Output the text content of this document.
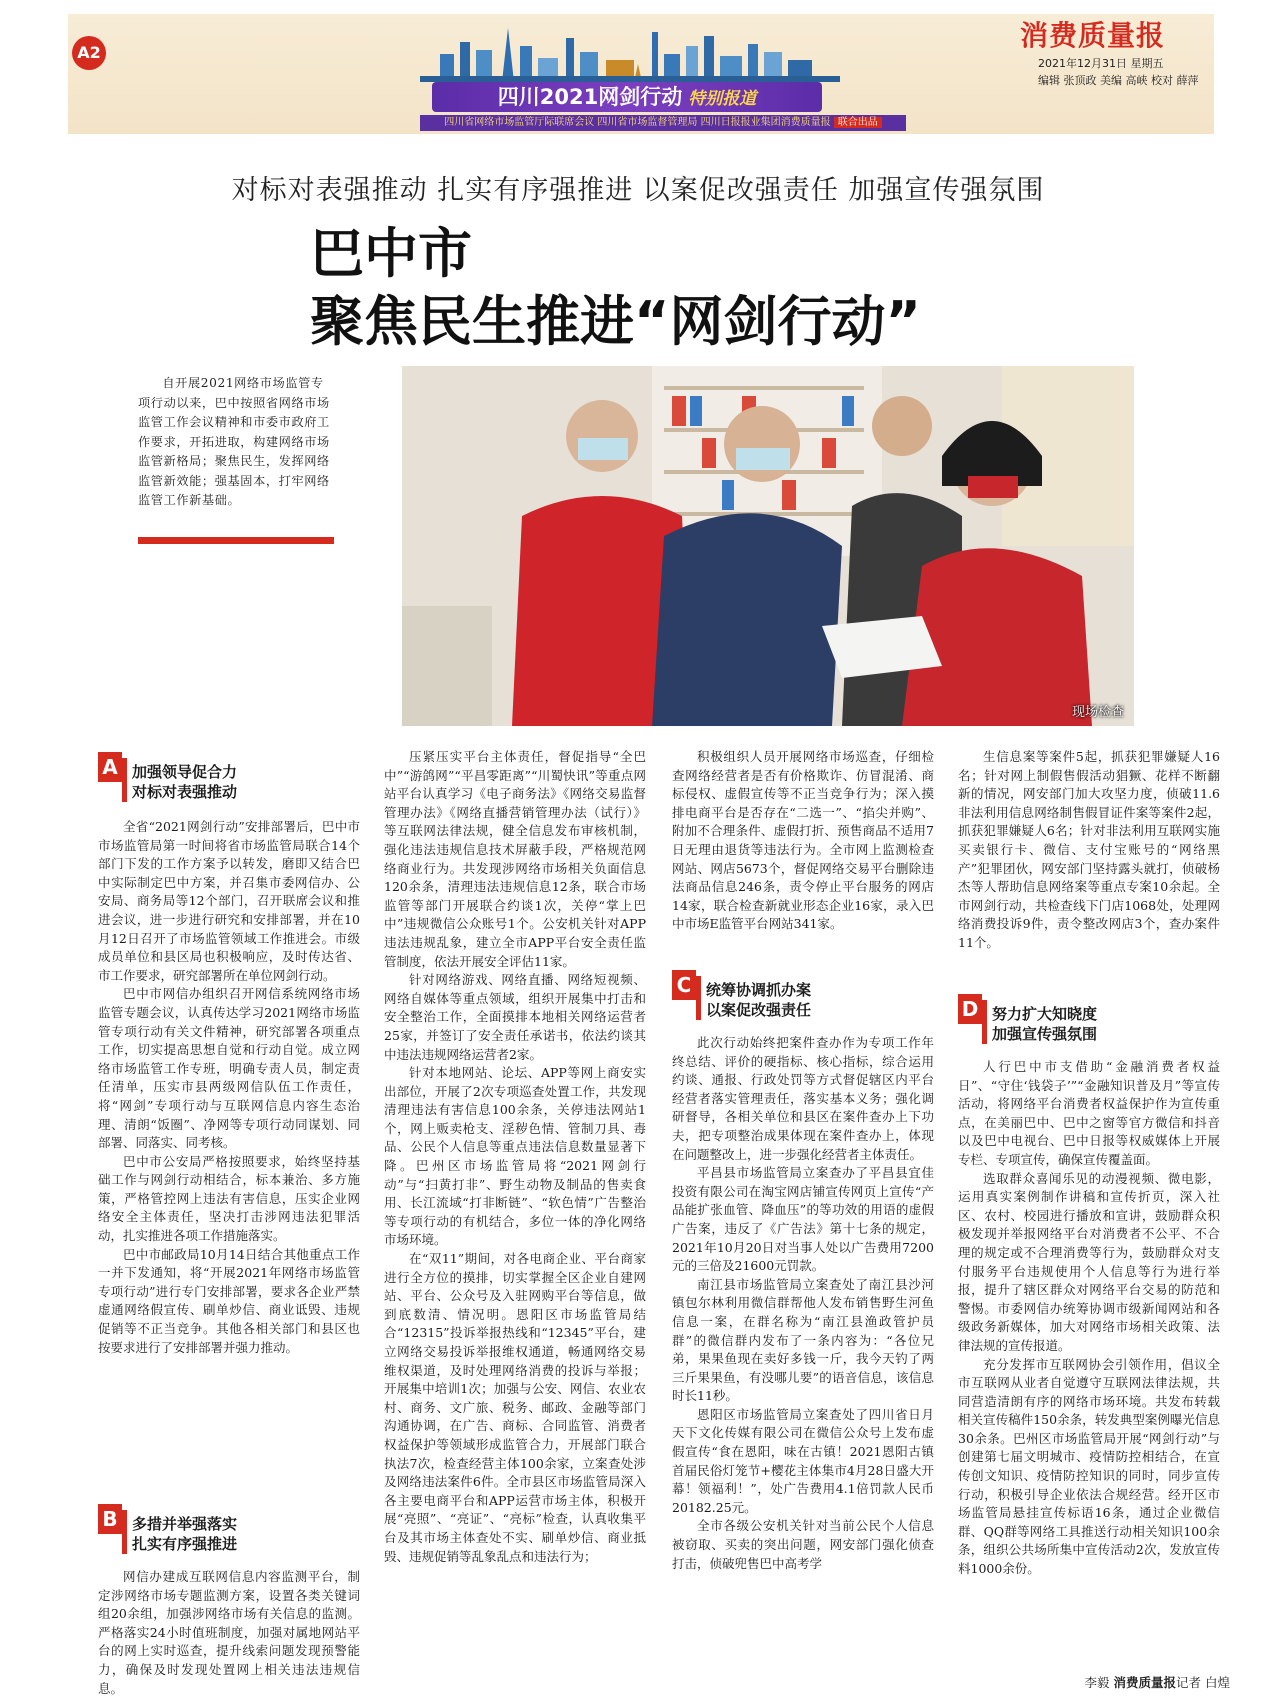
A2
四川2021网剑行动 特别报道
四川省网络市场监管厅际联席会议 四川省市场监督管理局 四川日报报业集团消费质量报 联合出品
消费质量报
2021年12月31日 星期五
编辑 张顶政 美编 高峡 校对 薛萍
对标对表强推动 扎实有序强推进 以案促改强责任 加强宣传强氛围
巴中市
聚焦民生推进“网剑行动”
自开展2021网络市场监管专项行动以来，巴中按照省网络市场监管工作会议精神和市委市政府工作要求，开拓进取，构建网络市场监管新格局；聚焦民生，发挥网络监管新效能；强基固本，打牢网络监管工作新基础。
现场检查
A 加强领导促合力
对标对表强推动

全省“2021网剑行动”安排部署后，巴中市市场监管局第一时间将省市场监管局联合14个部门下发的工作方案予以转发，磨即又结合巴中实际制定巴中方案，并召集市委网信办、公安局、商务局等12个部门，召开联席会议和推进会议，进一步进行研究和安排部署，并在10月12日召开了市场监管领域工作推进会。市级成员单位和县区局也积极响应，及时传达省、市工作要求，研究部署所在单位网剑行动。

巴中市网信办组织召开网信系统网络市场监管专题会议，认真传达学习2021网络市场监管专项行动有关文件精神，研究部署各项重点工作，切实提高思想自觉和行动自觉。成立网络市场监管工作专班，明确专责人员，制定责任清单，压实市县两级网信队伍工作责任，将“网剑”专项行动与互联网信息内容生态治理、清朗“饭圈”、净网等专项行动同谋划、同部署、同落实、同考核。

巴中市公安局严格按照要求，始终坚持基础工作与网剑行动相结合，标本兼治、多方施策，严格管控网上违法有害信息，压实企业网络安全主体责任，坚决打击涉网违法犯罪活动，扎实推进各项工作措施落实。

巴中市邮政局10月14日结合其他重点工作一并下发通知，将“开展2021年网络市场监管专项行动”进行专门安排部署，要求各企业严禁虚通网络假宣传、刷单炒信、商业诋毁、违规促销等不正当竞争。其他各相关部门和县区也按要求进行了安排部署并强力推动。

B 多措并举强落实
扎实有序强推进

网信办建成互联网信息内容监测平台，制定涉网络市场专题监测方案，设置各类关键词组20余组，加强涉网络市场有关信息的监测。严格落实24小时值班制度，加强对属地网站平台的网上实时巡查，提升线索问题发现预警能力，确保及时发现处置网上相关违法违规信息。

压紧压实平台主体责任，督促指导“全巴中”“游鸽网”“平昌零距离”“川蜀快讯”等重点网站平台认真学习《电子商务法》《网络交易监督管理办法》《网络直播营销管理办法（试行）》等互联网法律法规，健全信息发布审核机制，强化违法违规信息技术屏蔽手段，严格规范网络商业行为。共发现涉网络市场相关负面信息120余条，清理违法违规信息12条，联合市场监管等部门开展联合约谈1次，关停“掌上巴中”违规微信公众账号1个。公安机关针对APP违法违规乱象，建立全市APP平台安全责任监管制度，依法开展安全评估11家。

针对网络游戏、网络直播、网络短视频、网络自媒体等重点领域，组织开展集中打击和安全整治工作，全面摸排本地相关网络运营者25家，并签订了安全责任承诺书，依法约谈其中违法违规网络运营者2家。

针对本地网站、论坛、APP等网上商安实出部位，开展了2次专项巡查处置工作，共发现清理违法有害信息100余条，关停违法网站1个，网上贩卖枪支、淫秽色情、管制刀具、毒品、公民个人信息等重点违法信息数量显著下降。巴州区市场监管局将“2021网剑行动”与“扫黄打非”、野生动物及制品的售卖食用、长江流域“打非断链”、“软色情”广告整治等专项行动的有机结合，多位一体的净化网络市场环境。

在“双11”期间，对各电商企业、平台商家进行全方位的摸排，切实掌握全区企业自建网站、平台、公众号及入驻网购平台等信息，做到底数清、情况明。恩阳区市场监管局结合“12315”投诉举报热线和“12345”平台，建立网络交易投诉举报维权通道，畅通网络交易维权渠道，及时处理网络消费的投诉与举报；开展集中培训1次；加强与公安、网信、农业农村、商务、文广旅、税务、邮政、金融等部门沟通协调，在广告、商标、合同监管、消费者权益保护等领域形成监管合力，开展部门联合执法7次，检查经营主体100余家，立案查处涉及网络违法案件6件。全市县区市场监管局深入各主要电商平台和APP运营市场主体，积极开展“亮照”、“亮证”、“亮标”检查，认真收集平台及其市场主体查处不实、刷单炒信、商业抵毁、违规促销等乱象乱点和违法行为；

积极组织人员开展网络市场巡查，仔细检查网络经营者是否有价格欺诈、仿冒混淆、商标侵权、虚假宣传等不正当竞争行为；深入摸排电商平台是否存在“二选一”、“掐尖并购”、附加不合理条件、虚假打折、预售商品不适用7日无理由退货等违法行为。全市网上监测检查网站、网店5673个，督促网络交易平台删除违法商品信息246条，责令停止平台服务的网店14家，联合检查新就业形态企业16家，录入巴中市场E监管平台网站341家。

C 统筹协调抓办案
以案促改强责任

此次行动始终把案件查办作为专项工作年终总结、评价的硬指标、核心指标，综合运用约谈、通报、行政处罚等方式督促辖区内平台经营者落实管理责任，落实基本义务；强化调研督导，各相关单位和县区在案件查办上下功夫，把专项整治成果体现在案件查办上，体现在问题整改上，进一步强化经营者主体责任。

平昌县市场监管局立案查办了平昌县宜佳投资有限公司在淘宝网店铺宣传网页上宣传“产品能扩张血管、降血压”的等功效的用语的虚假广告案，违反了《广告法》第十七条的规定，2021年10月20日对当事人处以广告费用7200元的三倍及21600元罚款。

南江县市场监管局立案查处了南江县沙河镇包尔林利用微信群帮他人发布销售野生河鱼信息一案，在群名称为“南江县渔政管护员群”的微信群内发布了一条内容为：“各位兄弟，果果鱼现在卖好多钱一斤，我今天钓了两三斤果果鱼，有没哪儿要”的语音信息，该信息时长11秒。

恩阳区市场监管局立案查处了四川省日月天下文化传媒有限公司在微信公众号上发布虚假宣传“食在恩阳，味在古镇！2021恩阳古镇首届民俗灯笼节+樱花主体集市4月28日盛大开幕！领福利！”，处广告费用4.1倍罚款人民币20182.25元。

全市各级公安机关针对当前公民个人信息被窃取、买卖的突出问题，网安部门强化侦查打击，侦破兜售巴中高考学

生信息案等案件5起，抓获犯罪嫌疑人16名；针对网上制假售假活动猖獗、花样不断翻新的情况，网安部门加大攻坚力度，侦破11.6非法利用信息网络制售假冒证件案等案件2起，抓获犯罪嫌疑人6名；针对非法利用互联网实施买卖银行卡、微信、支付宝账号的“网络黑产”犯罪团伙，网安部门坚持露头就打，侦破杨杰等人帮助信息网络案等重点专案10余起。全市网剑行动，共检查线下门店1068处，处理网络消费投诉9件，责令整改网店3个，查办案件11个。

D 努力扩大知晓度
加强宣传强氛围

人行巴中市支借助“金融消费者权益日”、“守住‘钱袋子’”“金融知识普及月”等宣传活动，将网络平台消费者权益保护作为宣传重点，在美丽巴中、巴中之窗等官方微信和抖音以及巴中电视台、巴中日报等权威媒体上开展专栏、专项宣传，确保宣传覆盖面。

选取群众喜闻乐见的动漫视频、微电影，运用真实案例制作讲稿和宣传折页，深入社区、农村、校园进行播放和宣讲，鼓励群众积极发现并举报网络平台对消费者不公平、不合理的规定或不合理消费等行为，鼓励群众对支付服务平台违规使用个人信息等行为进行举报，提升了辖区群众对网络平台交易的防范和警惕。市委网信办统筹协调市级新闻网站和各级政务新媒体，加大对网络市场相关政策、法律法规的宣传报道。

充分发挥市互联网协会引领作用，倡议全市互联网从业者自觉遵守互联网法律法规，共同营造清朗有序的网络市场环境。共发布转载相关宣传稿件150余条，转发典型案例曝光信息30余条。巴州区市场监管局开展“网剑行动”与创建第七届文明城市、疫情防控相结合，在宣传创文知识、疫情防控知识的同时，同步宣传行动，积极引导企业依法合规经营。经开区市场监管局悬挂宣传标语16条，通过企业微信群、QQ群等网络工具推送行动相关知识100余条，组织公共场所集中宣传活动2次，发放宣传料1000余份。

李毅 消费质量报记者 白煌
